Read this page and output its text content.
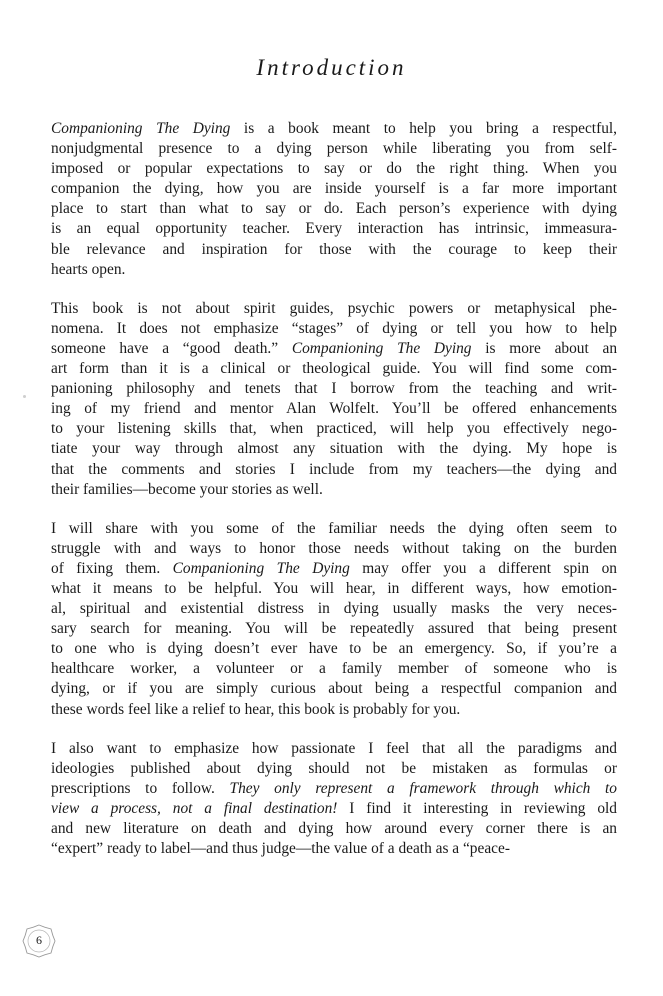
Introduction
Companioning The Dying is a book meant to help you bring a respectful,
nonjudgmental presence to a dying person while liberating you from self-
imposed or popular expectations to say or do the right thing. When you
companion the dying, how you are inside yourself is a far more important
place to start than what to say or do. Each person’s experience with dying
is an equal opportunity teacher. Every interaction has intrinsic, immeasura-
ble relevance and inspiration for those with the courage to keep their
hearts open.
This book is not about spirit guides, psychic powers or metaphysical phe-
nomena. It does not emphasize “stages” of dying or tell you how to help
someone have a “good death.” Companioning The Dying is more about an
art form than it is a clinical or theological guide. You will find some com-
panioning philosophy and tenets that I borrow from the teaching and writ-
ing of my friend and mentor Alan Wolfelt. You’ll be offered enhancements
to your listening skills that, when practiced, will help you effectively nego-
tiate your way through almost any situation with the dying. My hope is
that the comments and stories I include from my teachers—the dying and
their families—become your stories as well.
I will share with you some of the familiar needs the dying often seem to
struggle with and ways to honor those needs without taking on the burden
of fixing them. Companioning The Dying may offer you a different spin on
what it means to be helpful. You will hear, in different ways, how emotion-
al, spiritual and existential distress in dying usually masks the very neces-
sary search for meaning. You will be repeatedly assured that being present
to one who is dying doesn’t ever have to be an emergency. So, if you’re a
healthcare worker, a volunteer or a family member of someone who is
dying, or if you are simply curious about being a respectful companion and
these words feel like a relief to hear, this book is probably for you.
I also want to emphasize how passionate I feel that all the paradigms and
ideologies published about dying should not be mistaken as formulas or
prescriptions to follow. They only represent a framework through which to
view a process, not a final destination! I find it interesting in reviewing old
and new literature on death and dying how around every corner there is an
“expert” ready to label—and thus judge—the value of a death as a “peace-
6
